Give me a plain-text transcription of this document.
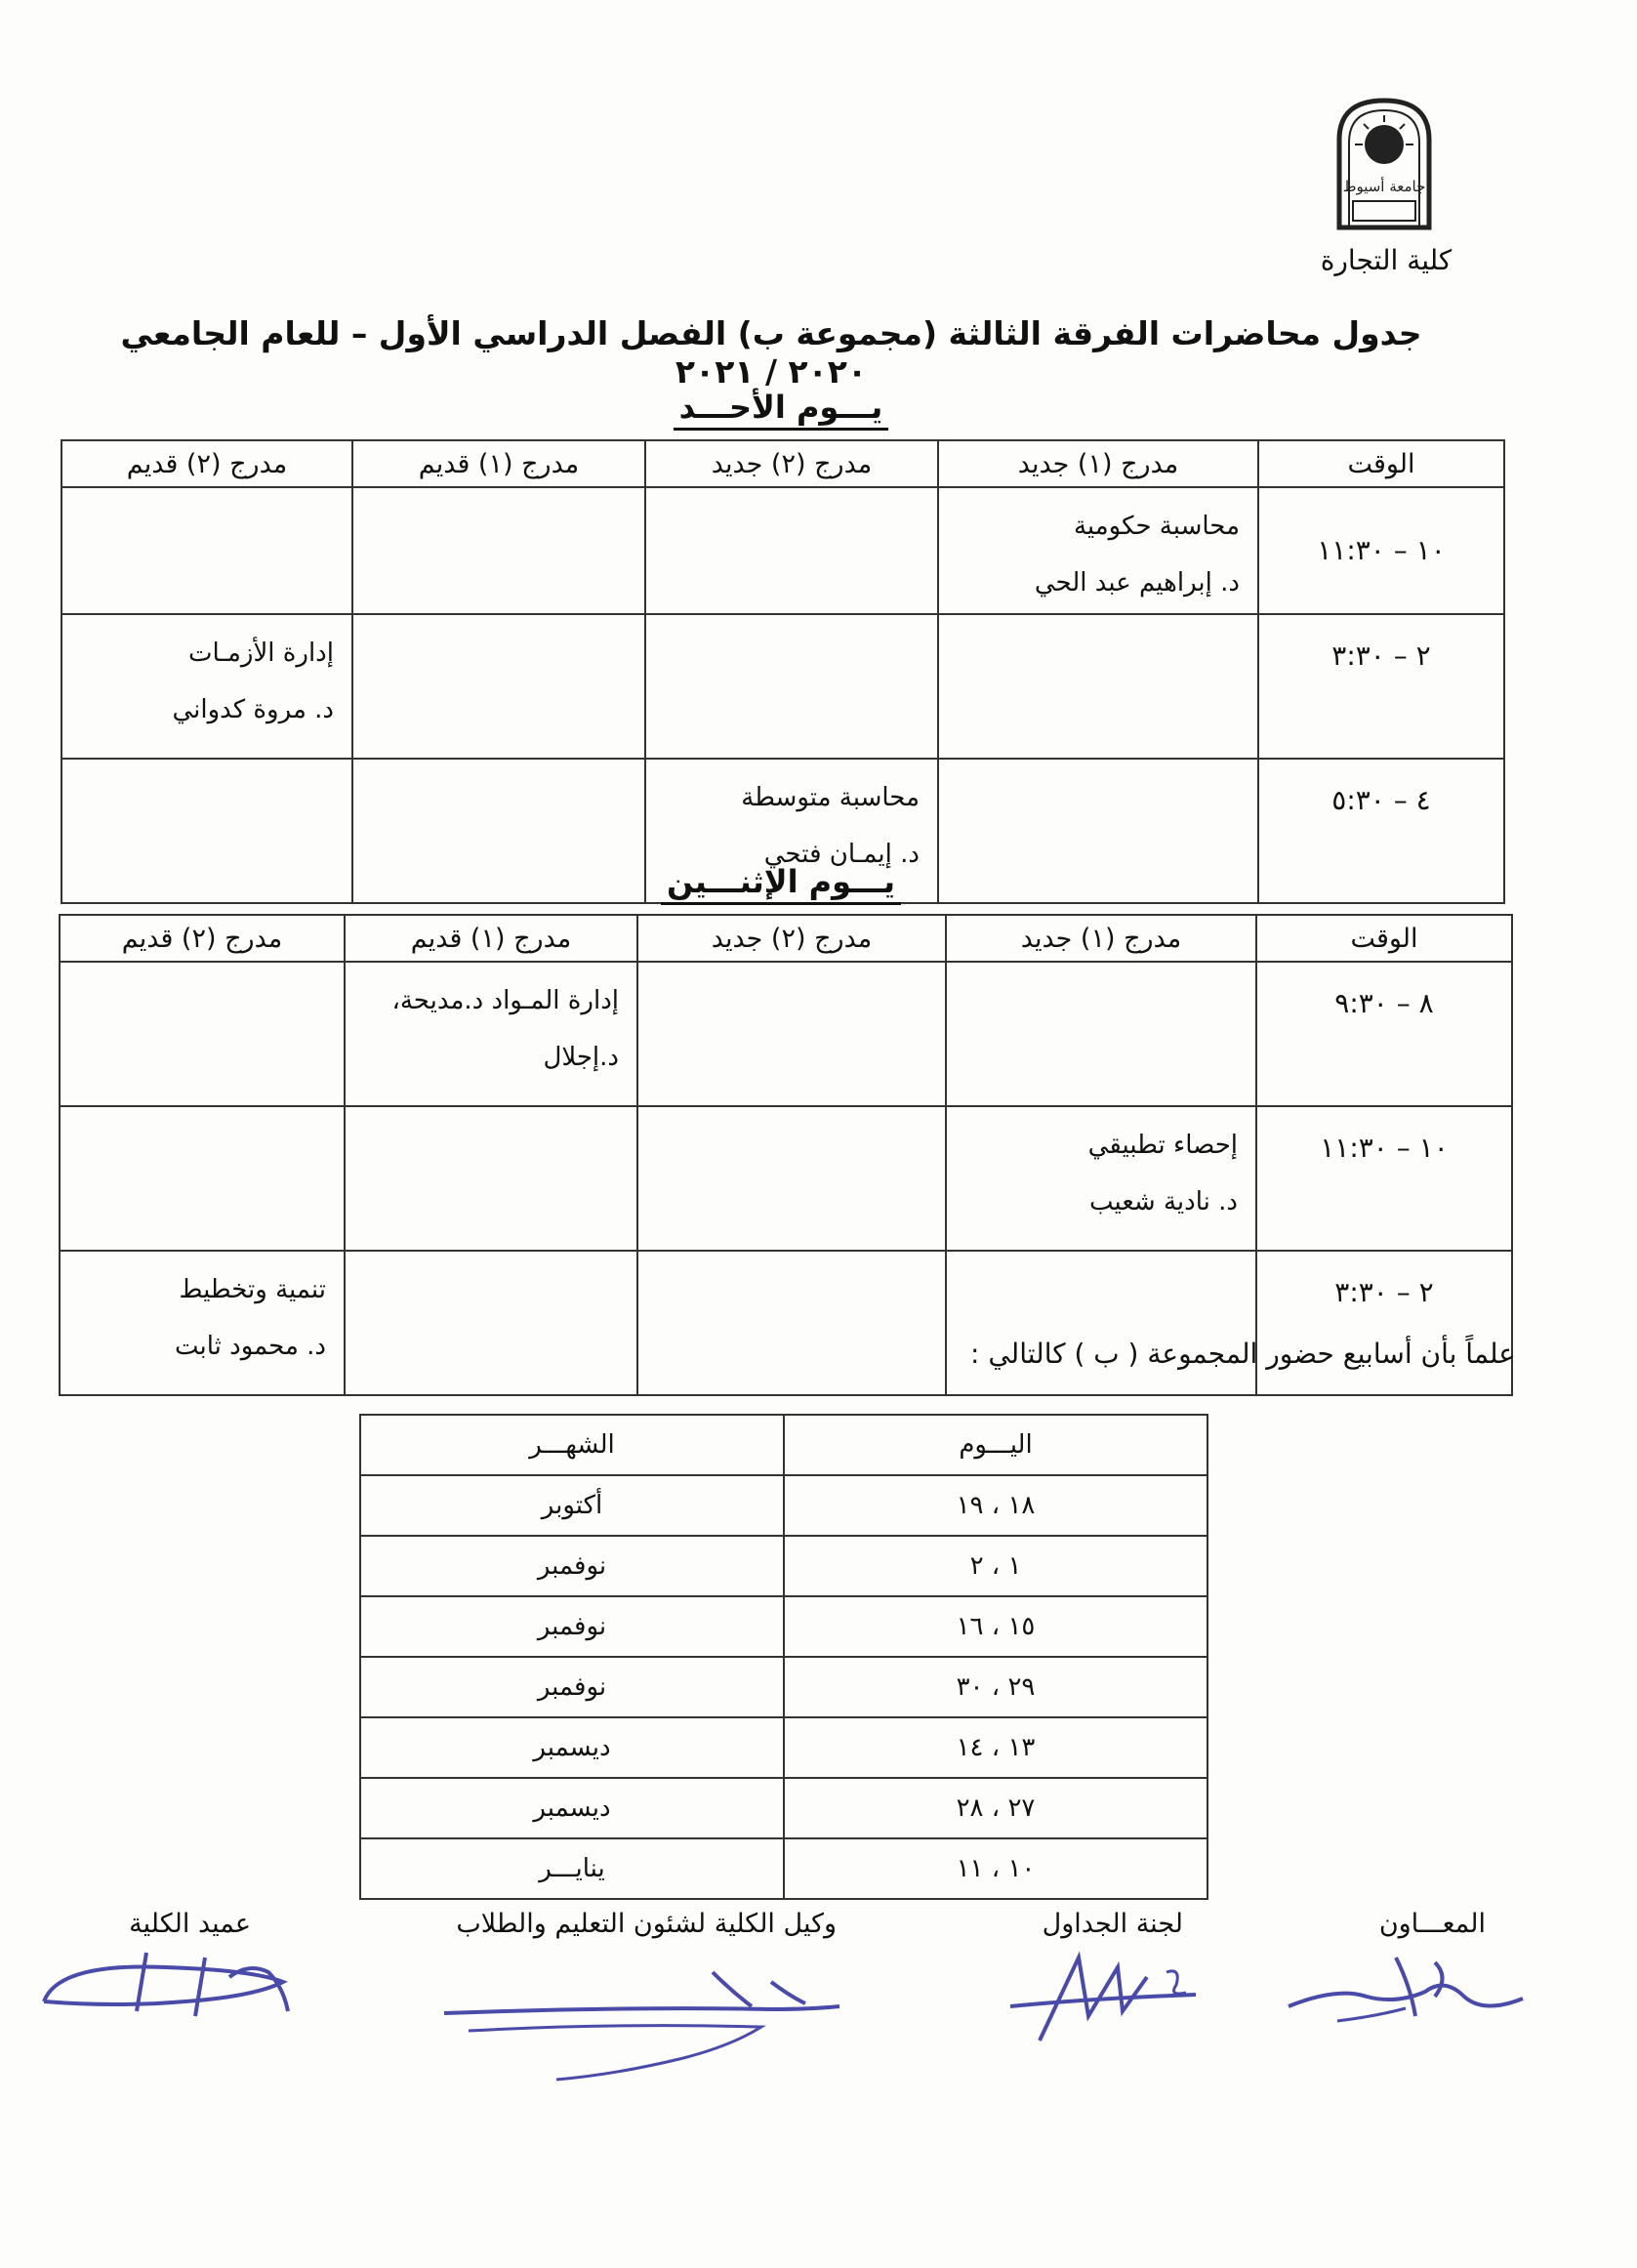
جامعة أسيوط
كلية التجارة
جدول محاضرات الفرقة الثالثة (مجموعة ب) الفصل الدراسي الأول – للعام الجامعي ٢٠٢٠ / ٢٠٢١
يـــوم الأحـــد
الوقت	مدرج (١) جديد	مدرج (٢) جديد	مدرج (١) قديم	مدرج (٢) قديم
١٠ – ١١:٣٠	محاسبة حكومية
د. إبراهيم عبد الحي			

٢ – ٣:٣٠				إدارة الأزمـات
د. مروة كدواني

٤ – ٥:٣٠		محاسبة متوسطة
د. إيمـان فتحي		

يـــوم الإثنـــين
الوقت	مدرج (١) جديد	مدرج (٢) جديد	مدرج (١) قديم	مدرج (٢) قديم
٨ – ٩:٣٠			إدارة المـواد د.مديحة،
د.إجلال	

١٠ – ١١:٣٠	إحصاء تطبيقي
د. نادية شعيب			

٢ – ٣:٣٠				تنمية وتخطيط
د. محمود ثابت	علماً بأن أسابيع حضور المجموعة ( ب ) كالتالي :
اليـــوم	الشهـــر
١٨ ، ١٩	أكتوبر
١ ، ٢	نوفمبر
١٥ ، ١٦	نوفمبر
٢٩ ، ٣٠	نوفمبر
١٣ ، ١٤	ديسمبر
٢٧ ، ٢٨	ديسمبر
١٠ ، ١١	ينايـــر
المعـــاون
لجنة الجداول
وكيل الكلية لشئون التعليم والطلاب
عميد الكلية
